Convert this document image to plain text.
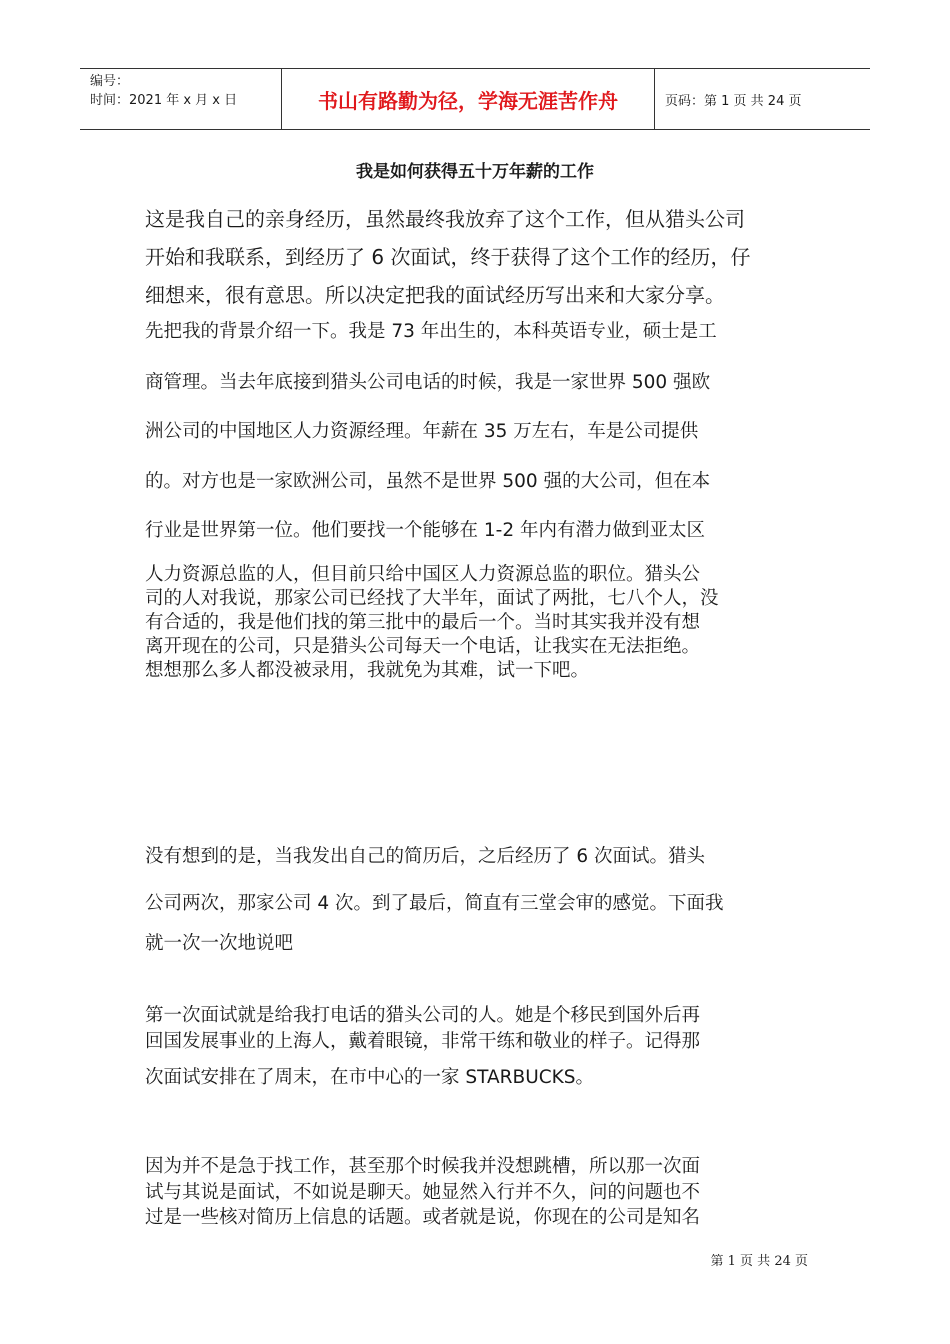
编号：
时间：2021 年 x 月 x 日	书山有路勤为径，学海无涯苦作舟	页码：第 1 页 共 24 页
我是如何获得五十万年薪的工作
这是我自己的亲身经历，虽然最终我放弃了这个工作，但从猎头公司
开始和我联系，到经历了 6 次面试，终于获得了这个工作的经历，仔
细想来，很有意思。所以决定把我的面试经历写出来和大家分享。
先把我的背景介绍一下。我是 73 年出生的，本科英语专业，硕士是工
商管理。当去年底接到猎头公司电话的时候，我是一家世界 500 强欧
洲公司的中国地区人力资源经理。年薪在 35 万左右，车是公司提供
的。对方也是一家欧洲公司，虽然不是世界 500 强的大公司，但在本
行业是世界第一位。他们要找一个能够在 1-2 年内有潜力做到亚太区
人力资源总监的人，但目前只给中国区人力资源总监的职位。猎头公
司的人对我说，那家公司已经找了大半年，面试了两批，七八个人，没
有合适的，我是他们找的第三批中的最后一个。当时其实我并没有想
离开现在的公司，只是猎头公司每天一个电话，让我实在无法拒绝。
想想那么多人都没被录用，我就免为其难，试一下吧。
没有想到的是，当我发出自己的简历后，之后经历了 6 次面试。猎头
公司两次，那家公司 4 次。到了最后，简直有三堂会审的感觉。下面我
就一次一次地说吧
第一次面试就是给我打电话的猎头公司的人。她是个移民到国外后再
回国发展事业的上海人，戴着眼镜，非常干练和敬业的样子。记得那
次面试安排在了周末，在市中心的一家 STARBUCKS。
因为并不是急于找工作，甚至那个时候我并没想跳槽，所以那一次面
试与其说是面试，不如说是聊天。她显然入行并不久，问的问题也不
过是一些核对简历上信息的话题。或者就是说，你现在的公司是知名
第 1 页 共 24 页
